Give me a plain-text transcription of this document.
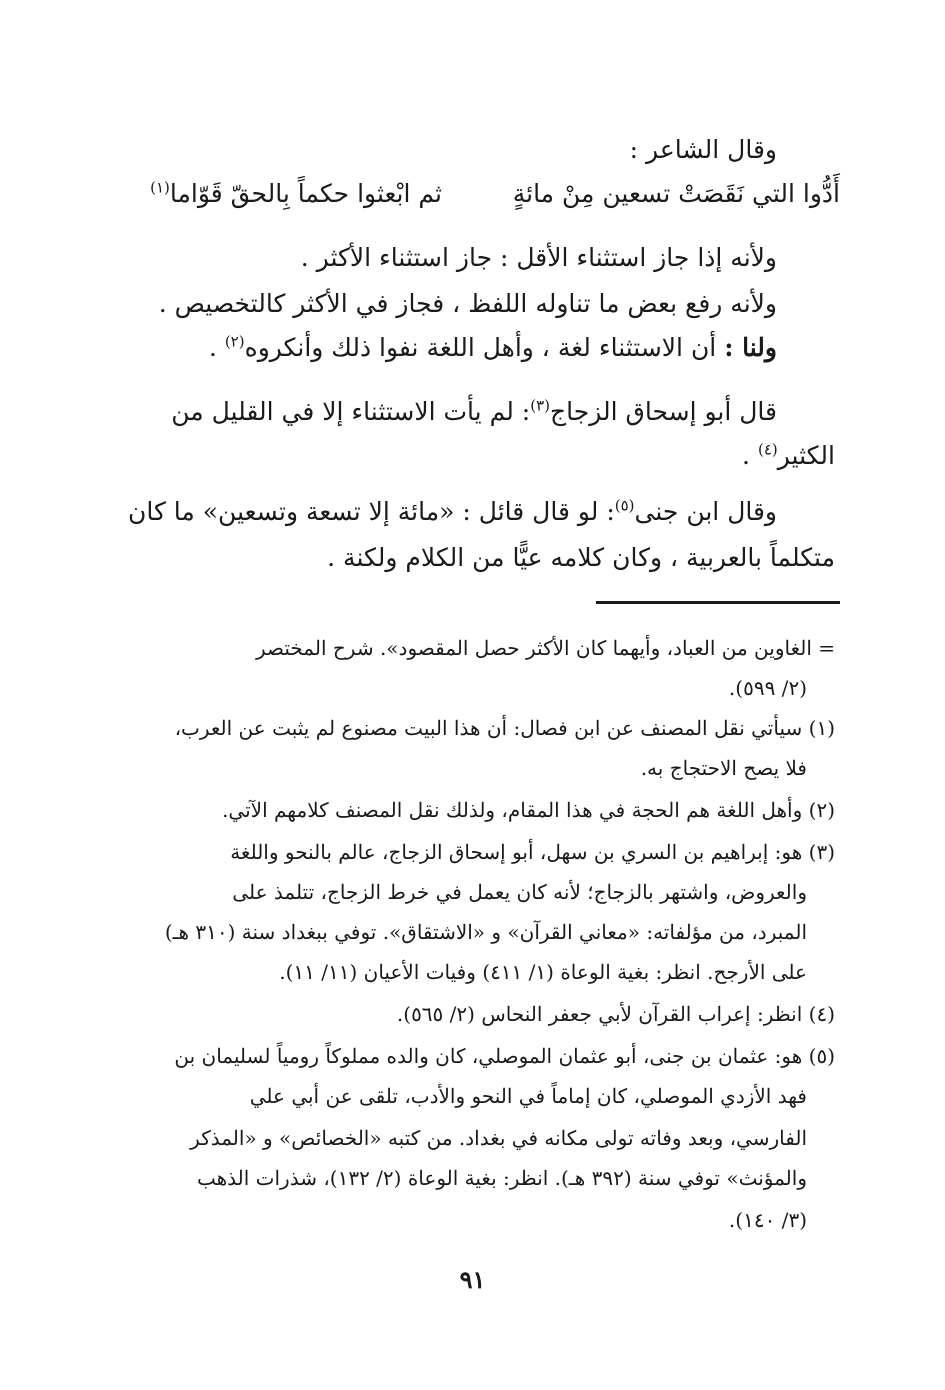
وقال الشاعر :

أَدُّوا التي نَقَصَتْ تسعين مِنْ مائةٍ
ثم ابْعثوا حكماً بِالحقّ قَوّاما$^{(١)}$

ولأنه إذا جاز استثناء الأقل : جاز استثناء الأكثر .

ولأنه رفع بعض ما تناوله اللفظ ، فجاز في الأكثر كالتخصيص .

ولنا : أن الاستثناء لغة ، وأهل اللغة نفوا ذلك وأنكروه$^{(٢)}$ .

قال أبو إسحاق الزجاج$^{(٣)}$: لم يأت الاستثناء إلا في القليل من

الكثير$^{(٤)}$ .

وقال ابن جنى$^{(٥)}$: لو قال قائل : «مائة إلا تسعة وتسعين» ما كان

متكلماً بالعربية ، وكان كلامه عيًّا من الكلام ولكنة .

= الغاوين من العباد، وأيهما كان الأكثر حصل المقصود». شرح المختصر

(٢/ ٥٩٩).

(١) سيأتي نقل المصنف عن ابن فصال: أن هذا البيت مصنوع لم يثبت عن العرب،

فلا يصح الاحتجاج به.

(٢) وأهل اللغة هم الحجة في هذا المقام، ولذلك نقل المصنف كلامهم الآتي.

(٣) هو: إبراهيم بن السري بن سهل، أبو إسحاق الزجاج، عالم بالنحو واللغة

والعروض، واشتهر بالزجاج؛ لأنه كان يعمل في خرط الزجاج، تتلمذ على

المبرد، من مؤلفاته: «معاني القرآن» و «الاشتقاق». توفي ببغداد سنة (٣١٠ هـ)

على الأرجح. انظر: بغية الوعاة (١/ ٤١١) وفيات الأعيان (١١/ ١١).

(٤) انظر: إعراب القرآن لأبي جعفر النحاس (٢/ ٥٦٥).

(٥) هو: عثمان بن جنى، أبو عثمان الموصلي، كان والده مملوكاً رومياً لسليمان بن

فهد الأزدي الموصلي، كان إماماً في النحو والأدب، تلقى عن أبي علي

الفارسي، وبعد وفاته تولى مكانه في بغداد. من كتبه «الخصائص» و «المذكر

والمؤنث» توفي سنة (٣٩٢ هـ). انظر: بغية الوعاة (٢/ ١٣٢)، شذرات الذهب

(٣/ ١٤٠).

٩١
